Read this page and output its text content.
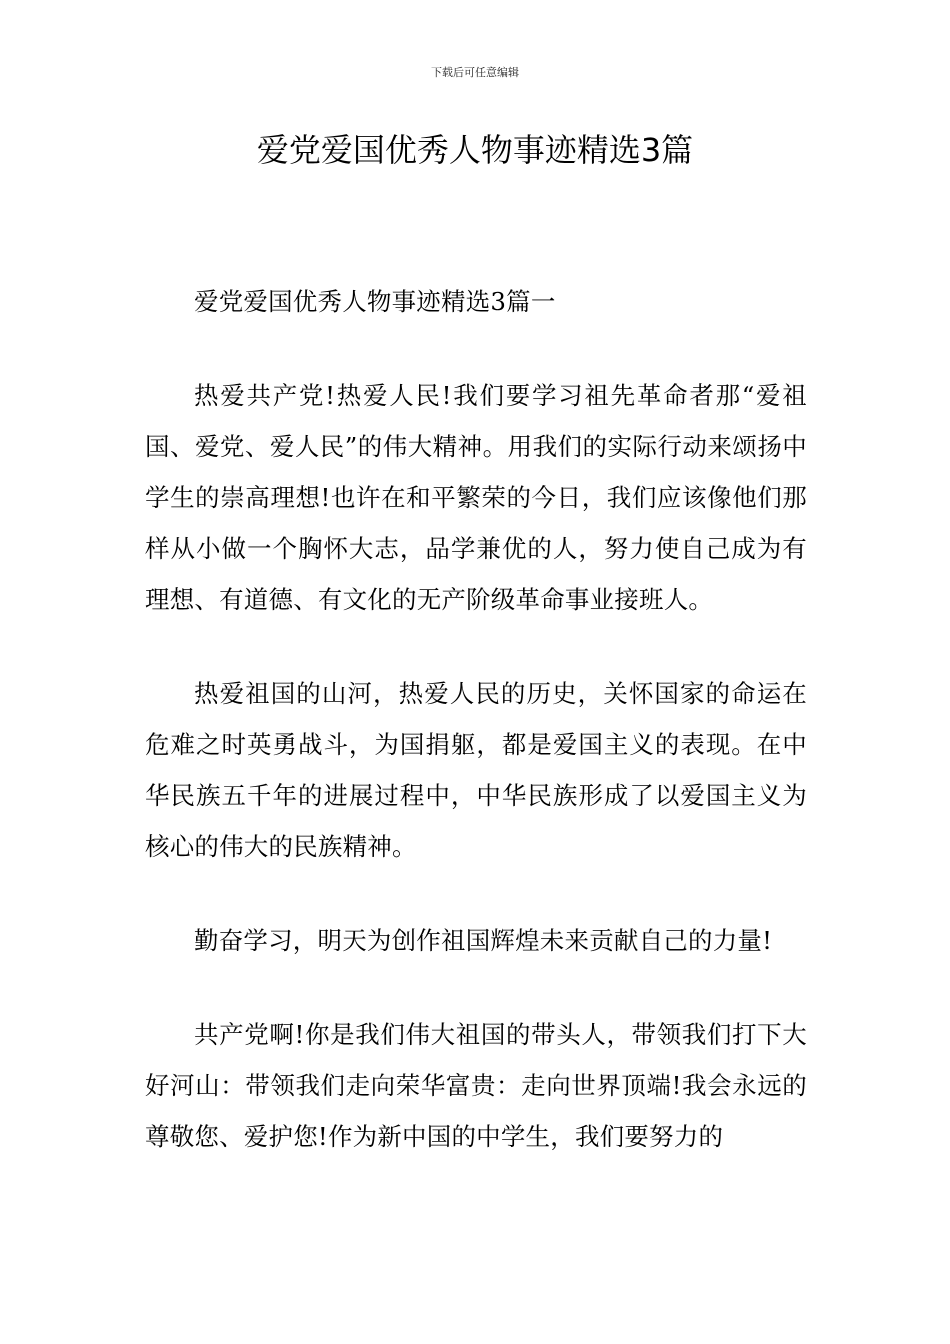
下载后可任意编辑
爱党爱国优秀人物事迹精选3篇

爱党爱国优秀人物事迹精选3篇一

热爱共产党!热爱人民!我们要学习祖先革命者那“爱祖国、爱党、爱人民”的伟大精神。用我们的实际行动来颂扬中学生的崇高理想!也许在和平繁荣的今日，我们应该像他们那样从小做一个胸怀大志，品学兼优的人，努力使自己成为有理想、有道德、有文化的无产阶级革命事业接班人。

热爱祖国的山河，热爱人民的历史，关怀国家的命运在危难之时英勇战斗，为国捐躯，都是爱国主义的表现。在中华民族五千年的进展过程中，中华民族形成了以爱国主义为核心的伟大的民族精神。

勤奋学习，明天为创作祖国辉煌未来贡献自己的力量!

共产党啊!你是我们伟大祖国的带头人，带领我们打下大好河山：带领我们走向荣华富贵：走向世界顶端!我会永远的尊敬您、爱护您!作为新中国的中学生，我们要努力的
